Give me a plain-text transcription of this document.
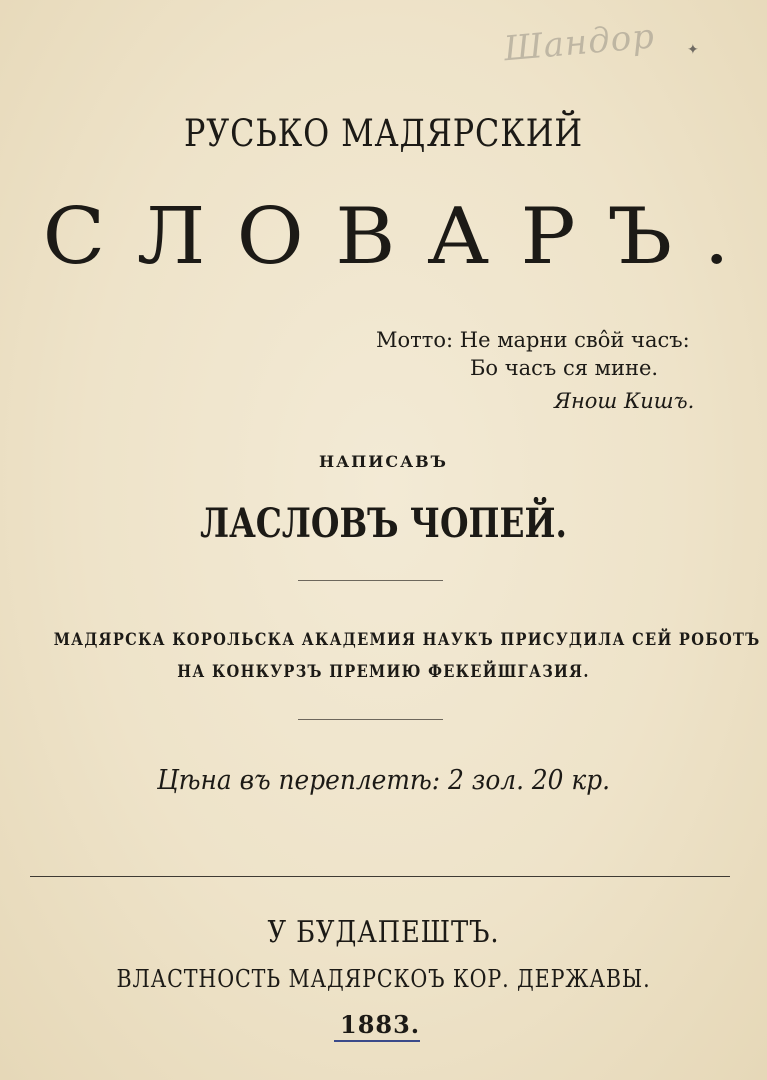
Шандор	✦
РУСЬКО МАДЯРСКИЙ
СЛОВАРЪ.
Мотто: Не марни свôй часъ:
Бо часъ ся мине.
Янош Кишъ.
НАПИСАВЪ
ЛАСЛОВЪ ЧОПЕЙ.
МАДЯРСКА КОРОЛЬСКА АКАДЕМИЯ НАУКЪ ПРИСУДИЛА СЕЙ РОБОТЪ
НА КОНКУРЗЪ ПРЕМИЮ ФЕКЕЙШГАЗИЯ.
Цѣна въ переплетѣ: 2 зол. 20 кр.
У БУДАПЕШТЪ.
ВЛАСТНОСТЬ МАДЯРСКОЪ КОР. ДЕРЖАВЫ.
1883.
